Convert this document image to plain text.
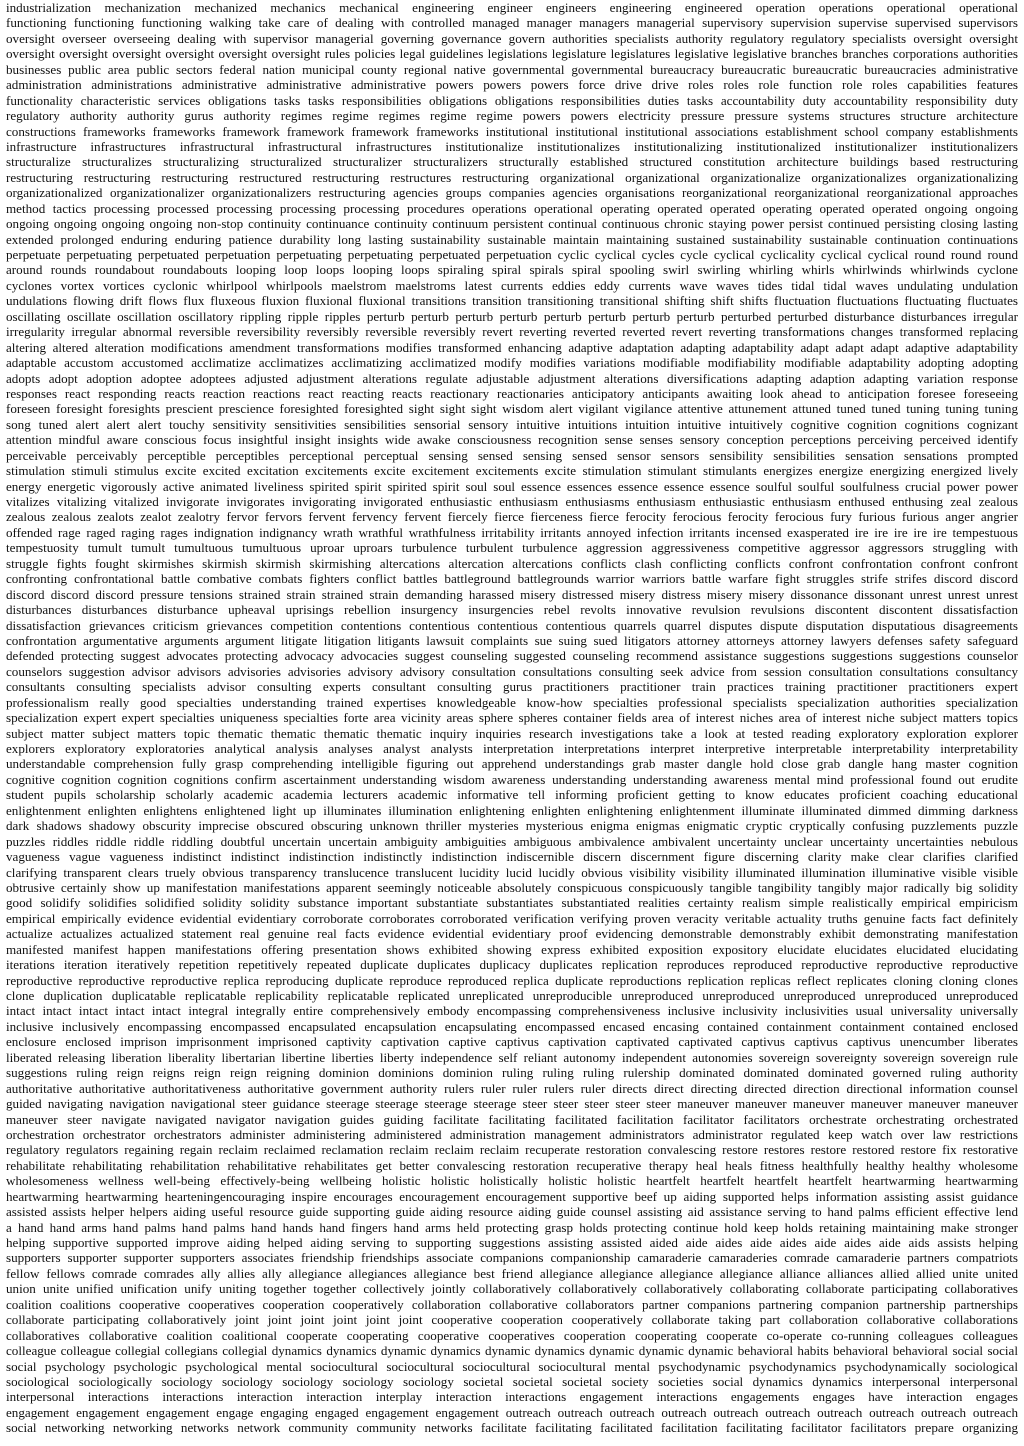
industrialization mechanization mechanized mechanics mechanical engineering engineer engineers engineering engineered operation operations operational operational
functioning functioning functioning walking take care of dealing with controlled managed manager managers managerial supervisory supervision supervise supervised supervisors
oversight overseer overseeing dealing with supervisor managerial governing governance govern authorities specialists authority regulatory regulatory specialists oversight oversight
oversight oversight oversight oversight oversight oversight rules policies legal guidelines legislations legislature legislatures legislative legislative branches branches corporations authorities
businesses public area public sectors federal nation municipal county regional native governmental governmental bureaucracy bureaucratic bureaucratic bureaucracies administrative
administration administrations administrative administrative administrative powers powers powers force drive drive roles roles role function role roles capabilities features
functionality characteristic services obligations tasks tasks responsibilities obligations obligations responsibilities duties tasks accountability duty accountability responsibility duty
regulatory authority authority gurus authority regimes regime regimes regime regime powers powers electricity pressure pressure systems structures structure architecture
constructions frameworks frameworks framework framework framework frameworks institutional institutional institutional associations establishment school company establishments
infrastructure infrastructures infrastructural infrastructural infrastructures institutionalize institutionalizes institutionalizing institutionalized institutionalizer institutionalizers
structuralize structuralizes structuralizing structuralized structuralizer structuralizers structurally established structured constitution architecture buildings based restructuring
restructuring restructuring restructuring restructured restructuring restructures restructuring organizational organizational organizationalize organizationalizes organizationalizing
organizationalized organizationalizer organizationalizers restructuring agencies groups companies agencies organisations reorganizational reorganizational reorganizational approaches
method tactics processing processed processing processing processing procedures operations operational operating operated operated operating operated operated ongoing ongoing
ongoing ongoing ongoing ongoing non-stop continuity continuance continuity continuum persistent continual continuous chronic staying power persist continued persisting closing lasting
extended prolonged enduring enduring patience durability long lasting sustainability sustainable maintain maintaining sustained sustainability sustainable continuation continuations
perpetuate perpetuating perpetuated perpetuation perpetuating perpetuating perpetuated perpetuation cyclic cyclical cycles cycle cyclical cyclicality cyclical cyclical round round round
around rounds roundabout roundabouts looping loop loops looping loops spiraling spiral spirals spiral spooling swirl swirling whirling whirls whirlwinds whirlwinds cyclone
cyclones vortex vortices cyclonic whirlpool whirlpools maelstrom maelstroms latest currents eddies eddy currents wave waves tides tidal tidal waves undulating undulation
undulations flowing drift flows flux fluxeous fluxion fluxional fluxional transitions transition transitioning transitional shifting shift shifts fluctuation fluctuations fluctuating fluctuates
oscillating oscillate oscillation oscillatory rippling ripple ripples perturb perturb perturb perturb perturb perturb perturb perturb perturbed perturbed disturbance disturbances irregular
irregularity irregular abnormal reversible reversibility reversibly reversible reversibly revert reverting reverted reverted revert reverting transformations changes transformed replacing
altering altered alteration modifications amendment transformations modifies transformed enhancing adaptive adaptation adapting adaptability adapt adapt adapt adaptive adaptability
adaptable accustom accustomed acclimatize acclimatizes acclimatizing acclimatized modify modifies variations modifiable modifiability modifiable adaptability adopting adopting
adopts adopt adoption adoptee adoptees adjusted adjustment alterations regulate adjustable adjustment alterations diversifications adapting adaption adapting variation response
responses react responding reacts reaction reactions react reacting reacts reactionary reactionaries anticipatory anticipants awaiting look ahead to anticipation foresee foreseeing
foreseen foresight foresights prescient prescience foresighted foresighted sight sight sight wisdom alert vigilant vigilance attentive attunement attuned tuned tuned tuning tuning tuning
song tuned alert alert alert touchy sensitivity sensitivities sensibilities sensorial sensory intuitive intuitions intuition intuitive intuitively cognitive cognition cognitions cognizant
attention mindful aware conscious focus insightful insight insights wide awake consciousness recognition sense senses sensory conception perceptions perceiving perceived identify
perceivable perceivably perceptible perceptibles perceptional perceptual sensing sensed sensing sensed sensor sensors sensibility sensibilities sensation sensations prompted
stimulation stimuli stimulus excite excited excitation excitements excite excitement excitements excite stimulation stimulant stimulants energizes energize energizing energized lively
energy energetic vigorously active animated liveliness spirited spirit spirited spirit soul soul essence essences essence essence essence soulful soulful soulfulness crucial power power
vitalizes vitalizing vitalized invigorate invigorates invigorating invigorated enthusiastic enthusiasm enthusiasms enthusiasm enthusiastic enthusiasm enthused enthusing zeal zealous
zealous zealous zealots zealot zealotry fervor fervors fervent fervency fervent fiercely fierce fierceness fierce ferocity ferocious ferocity ferocious fury furious furious anger angrier
offended rage raged raging rages indignation indignancy wrath wrathful wrathfulness irritability irritants annoyed infection irritants incensed exasperated ire ire ire ire ire tempestuous
tempestuosity tumult tumult tumultuous tumultuous uproar uproars turbulence turbulent turbulence aggression aggressiveness competitive aggressor aggressors struggling with
struggle fights fought skirmishes skirmish skirmish skirmishing altercations altercation altercations conflicts clash conflicting conflicts confront confrontation confront confront
confronting confrontational battle combative combats fighters conflict battles battleground battlegrounds warrior warriors battle warfare fight struggles strife strifes discord discord
discord discord discord pressure tensions strained strain strained strain demanding harassed misery distressed misery distress misery misery dissonance dissonant unrest unrest unrest
disturbances disturbances disturbance upheaval uprisings rebellion insurgency insurgencies rebel revolts innovative revulsion revulsions discontent discontent dissatisfaction
dissatisfaction grievances criticism grievances competition contentions contentious contentious contentious quarrels quarrel disputes dispute disputation disputatious disagreements
confrontation argumentative arguments argument litigate litigation litigants lawsuit complaints sue suing sued litigators attorney attorneys attorney lawyers defenses safety safeguard
defended protecting suggest advocates protecting advocacy advocacies suggest counseling suggested counseling recommend assistance suggestions suggestions suggestions counselor
counselors suggestion advisor advisors advisories advisories advisory advisory consultation consultations consulting seek advice from session consultation consultations consultancy
consultants consulting specialists advisor consulting experts consultant consulting gurus practitioners practitioner train practices training practitioner practitioners expert
professionalism really good specialties understanding trained expertises knowledgeable know-how specialties professional specialists specialization authorities specialization
specialization expert expert specialties uniqueness specialties forte area vicinity areas sphere spheres container fields area of interest niches area of interest niche subject matters topics
subject matter subject matters topic thematic thematic thematic thematic inquiry inquiries research investigations take a look at tested reading exploratory exploration explorer
explorers exploratory exploratories analytical analysis analyses analyst analysts interpretation interpretations interpret interpretive interpretable interpretability interpretability
understandable comprehension fully grasp comprehending intelligible figuring out apprehend understandings grab master dangle hold close grab dangle hang master cognition
cognitive cognition cognition cognitions confirm ascertainment understanding wisdom awareness understanding understanding awareness mental mind professional found out erudite
student pupils scholarship scholarly academic academia lecturers academic informative tell informing proficient getting to know educates proficient coaching educational
enlightenment enlighten enlightens enlightened light up illuminates illumination enlightening enlighten enlightening enlightenment illuminate illuminated dimmed dimming darkness
dark shadows shadowy obscurity imprecise obscured obscuring unknown thriller mysteries mysterious enigma enigmas enigmatic cryptic cryptically confusing puzzlements puzzle
puzzles riddles riddle riddle riddling doubtful uncertain uncertain ambiguity ambiguities ambiguous ambivalence ambivalent uncertainty unclear uncertainty uncertainties nebulous
vagueness vague vagueness indistinct indistinct indistinction indistinctly indistinction indiscernible discern discernment figure discerning clarity make clear clarifies clarified
clarifying transparent clears truely obvious transparency translucence translucent lucidity lucid lucidly obvious visibility visibility illuminated illumination illuminative visible visible
obtrusive certainly show up manifestation manifestations apparent seemingly noticeable absolutely conspicuous conspicuously tangible tangibility tangibly major radically big solidity
good solidify solidifies solidified solidity solidity substance important substantiate substantiates substantiated realities certainty realism simple realistically empirical empiricism
empirical empirically evidence evidential evidentiary corroborate corroborates corroborated verification verifying proven veracity veritable actuality truths genuine facts fact definitely
actualize actualizes actualized statement real genuine real facts evidence evidential evidentiary proof evidencing demonstrable demonstrably exhibit demonstrating manifestation
manifested manifest happen manifestations offering presentation shows exhibited showing express exhibited exposition expository elucidate elucidates elucidated elucidating
iterations iteration iteratively repetition repetitively repeated duplicate duplicates duplicacy duplicates replication reproduces reproduced reproductive reproductive reproductive
reproductive reproductive reproductive replica reproducing duplicate reproduce reproduced replica duplicate reproductions replication replicas reflect replicates cloning cloning clones
clone duplication duplicatable replicatable replicability replicatable replicated unreplicated unreproducible unreproduced unreproduced unreproduced unreproduced unreproduced
intact intact intact intact intact integral integrally entire comprehensively embody encompassing comprehensiveness inclusive inclusivity inclusivities usual universality universally
inclusive inclusively encompassing encompassed encapsulated encapsulation encapsulating encompassed encased encasing contained containment containment contained enclosed
enclosure enclosed imprison imprisonment imprisoned captivity captivation captive captivus captivation captivated captivated captivus captivus captivus unencumber liberates
liberated releasing liberation liberality libertarian libertine liberties liberty independence self reliant autonomy independent autonomies sovereign sovereignty sovereign sovereign rule
suggestions ruling reign reigns reign reign reigning dominion dominions dominion ruling ruling ruling rulership dominated dominated dominated governed ruling authority
authoritative authoritative authoritativeness authoritative government authority rulers ruler ruler rulers ruler directs direct directing directed direction directional information counsel
guided navigating navigation navigational steer guidance steerage steerage steerage steerage steer steer steer steer steer maneuver maneuver maneuver maneuver maneuver maneuver
maneuver steer navigate navigated navigator navigation guides guiding facilitate facilitating facilitated facilitation facilitator facilitators orchestrate orchestrating orchestrated
orchestration orchestrator orchestrators administer administering administered administration management administrators administrator regulated keep watch over law restrictions
regulatory regulators regaining regain reclaim reclaimed reclamation reclaim reclaim reclaim recuperate restoration convalescing restore restores restore restored restore fix restorative
rehabilitate rehabilitating rehabilitation rehabilitative rehabilitates get better convalescing restoration recuperative therapy heal heals fitness healthfully healthy healthy wholesome
wholesomeness wellness well-being effectively-being wellbeing holistic holistic holistically holistic holistic heartfelt heartfelt heartfelt heartfelt heartwarming heartwarming
heartwarming heartwarming hearteningencouraging inspire encourages encouragement encouragement supportive beef up aiding supported helps information assisting assist guidance
assisted assists helper helpers aiding useful resource guide supporting guide aiding resource aiding guide counsel assisting aid assistance serving to hand palms efficient effective lend
a hand hand arms hand palms hand palms hand hands hand fingers hand arms held protecting grasp holds protecting continue hold keep holds retaining maintaining make stronger
helping supportive supported improve aiding helped aiding serving to supporting suggestions assisting assisted aided aide aides aide aides aide aides aide aids assists helping
supporters supporter supporter supporters associates friendship friendships associate companions companionship camaraderie camaraderies comrade camaraderie partners compatriots
fellow fellows comrade comrades ally allies ally allegiance allegiances allegiance best friend allegiance allegiance allegiance allegiance alliance alliances allied allied unite united
union unite unified unification unify uniting together together collectively jointly collaboratively collaboratively collaboratively collaborating collaborate participating collaboratives
coalition coalitions cooperative cooperatives cooperation cooperatively collaboration collaborative collaborators partner companions partnering companion partnership partnerships
collaborate participating collaboratively joint joint joint joint joint joint cooperative cooperation cooperatively collaborate taking part collaboration collaborative collaborations
collaboratives collaborative coalition coalitional cooperate cooperating cooperative cooperatives cooperation cooperating cooperate co-operate co-running colleagues colleagues
colleague colleague collegial collegians collegial dynamics dynamics dynamic dynamics dynamic dynamics dynamic dynamic dynamic behavioral habits behavioral behavioral social social
social psychology psychologic psychological mental sociocultural sociocultural sociocultural sociocultural mental psychodynamic psychodynamics psychodynamically sociological
sociological sociologically sociology sociology sociology sociology sociology societal societal societal society societies social dynamics dynamics interpersonal interpersonal
interpersonal interactions interactions interaction interaction interplay interaction interactions engagement interactions engagements engages have interaction engages
engagement engagement engagement engage engaging engaged engagement engagement outreach outreach outreach outreach outreach outreach outreach outreach outreach outreach
social networking networking networks network community community networks facilitate facilitating facilitated facilitation facilitating facilitator facilitators prepare organizing
